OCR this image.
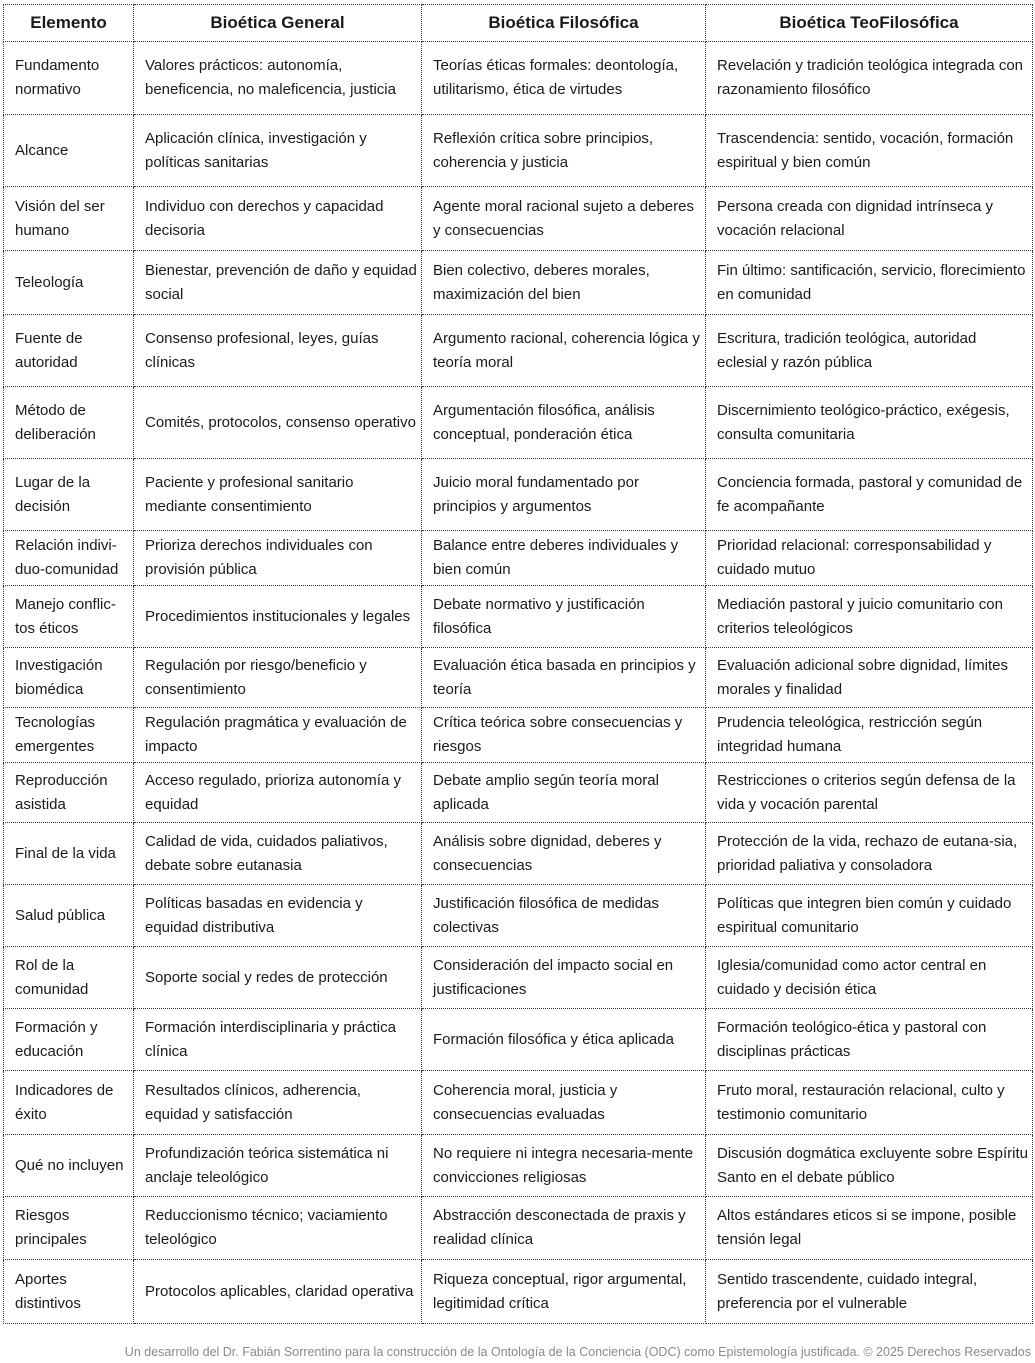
Elemento	Bioética General	Bioética Filosófica	Bioética TeoFilosófica
Fundamento normativo	Valores prácticos: autonomía, beneficencia, no maleficencia, justicia	Teorías éticas formales: deontología, utilitarismo, ética de virtudes	Revelación y tradición teológica integrada con razonamiento filosófico
Alcance	Aplicación clínica, investigación y políticas sanitarias	Reflexión crítica sobre principios, coherencia y justicia	Trascendencia: sentido, vocación, formación espiritual y bien común
Visión del ser humano	Individuo con derechos y capacidad decisoria	Agente moral racional sujeto a deberes y consecuencias	Persona creada con dignidad intrínseca y vocación relacional
Teleología	Bienestar, prevención de daño y equidad social	Bien colectivo, deberes morales, maximización del bien	Fin último: santificación, servicio, florecimiento en comunidad
Fuente de autoridad	Consenso profesional, leyes, guías clínicas	Argumento racional, coherencia lógica y teoría moral	Escritura, tradición teológica, autoridad eclesial y razón pública
Método de deliberación	Comités, protocolos, consenso operativo	Argumentación filosófica, análisis conceptual, ponderación ética	Discernimiento teológico-práctico, exégesis, consulta comunitaria
Lugar de la decisión	Paciente y profesional sanitario mediante consentimiento	Juicio moral fundamentado por principios y argumentos	Conciencia formada, pastoral y comunidad de fe acompañante
Relación indivi-duo-comunidad	Prioriza derechos individuales con provisión pública	Balance entre deberes individuales y bien común	Prioridad relacional: corresponsabilidad y cuidado mutuo
Manejo conflic-tos éticos	Procedimientos institucionales y legales	Debate normativo y justificación filosófica	Mediación pastoral y juicio comunitario con criterios teleológicos
Investigación biomédica	Regulación por riesgo/beneficio y consentimiento	Evaluación ética basada en principios y teoría	Evaluación adicional sobre dignidad, límites morales y finalidad
Tecnologías emergentes	Regulación pragmática y evaluación de impacto	Crítica teórica sobre consecuencias y riesgos	Prudencia teleológica, restricción según integridad humana
Reproducción asistida	Acceso regulado, prioriza autonomía y equidad	Debate amplio según teoría moral aplicada	Restricciones o criterios según defensa de la vida y vocación parental
Final de la vida	Calidad de vida, cuidados paliativos, debate sobre eutanasia	Análisis sobre dignidad, deberes y consecuencias	Protección de la vida, rechazo de eutana-sia, prioridad paliativa y consoladora
Salud pública	Políticas basadas en evidencia y equidad distributiva	Justificación filosófica de medidas colectivas	Políticas que integren bien común y cuidado espiritual comunitario
Rol de la comunidad	Soporte social y redes de protección	Consideración del impacto social en justificaciones	Iglesia/comunidad como actor central en cuidado y decisión ética
Formación y educación	Formación interdisciplinaria y práctica clínica	Formación filosófica y ética aplicada	Formación teológico-ética y pastoral con disciplinas prácticas
Indicadores de éxito	Resultados clínicos, adherencia, equidad y satisfacción	Coherencia moral, justicia y consecuencias evaluadas	Fruto moral, restauración relacional, culto y testimonio comunitario
Qué no incluyen	Profundización teórica sistemática ni anclaje teleológico	No requiere ni integra necesaria-mente convicciones religiosas	Discusión dogmática excluyente sobre Espíritu Santo en el debate público
Riesgos principales	Reduccionismo técnico; vaciamiento teleológico	Abstracción desconectada de praxis y realidad clínica	Altos estándares eticos si se impone, posible tensión legal
Aportes distintivos	Protocolos aplicables, claridad operativa	Riqueza conceptual, rigor argumental, legitimidad crítica	Sentido trascendente, cuidado integral, preferencia por el vulnerable
Un desarrollo del Dr. Fabián Sorrentino para la construcción de la Ontología de la Conciencia (ODC) como Epistemología justificada. © 2025 Derechos Reservados
